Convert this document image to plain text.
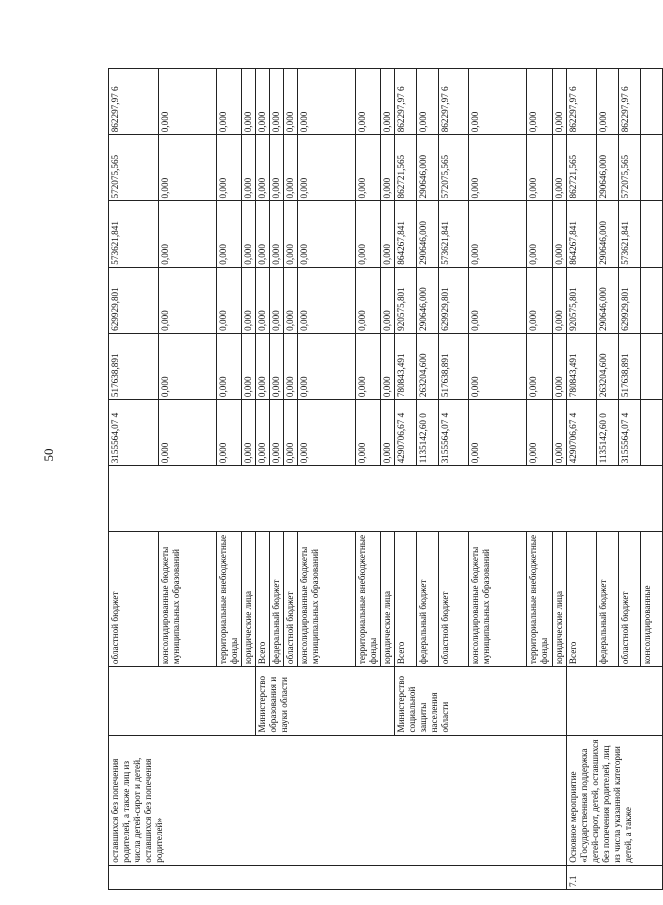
50
	оставшихся без попечения родителей, а также лиц из числа детей-сирот и детей, оставшихся без попечения родителей»		областной бюджет		3155564,07 4	517638,891	629929,801	573621,841	572075,565	862297,97 6
			консолидированные бюджеты муниципальных образований		0,000	0,000	0,000	0,000	0,000	0,000
			территориальные внебюджетные фонды		0,000	0,000	0,000	0,000	0,000	0,000
			юридические лица		0,000	0,000	0,000	0,000	0,000	0,000
		Министерство образования и науки области	Всего		0,000	0,000	0,000	0,000	0,000	0,000
			федеральный бюджет		0,000	0,000	0,000	0,000	0,000	0,000
			областной бюджет		0,000	0,000	0,000	0,000	0,000	0,000
			консолидированные бюджеты муниципальных образований		0,000	0,000	0,000	0,000	0,000	0,000
			территориальные внебюджетные фонды		0,000	0,000	0,000	0,000	0,000	0,000
			юридические лица		0,000	0,000	0,000	0,000	0,000	0,000
		Министерство социальной защиты населения области	Всего		4290706,67 4	780843,491	920575,801	864267,841	862721,565	862297,97 6
			федеральный бюджет		1135142,60 0	263204,600	290646,000	290646,000	290646,000	0,000
			областной бюджет		3155564,07 4	517638,891	629929,801	573621,841	572075,565	862297,97 6
			консолидированные бюджеты муниципальных образований		0,000	0,000	0,000	0,000	0,000	0,000
			территориальные внебюджетные фонды		0,000	0,000	0,000	0,000	0,000	0,000
			юридические лица		0,000	0,000	0,000	0,000	0,000	0,000
7.1	Основное мероприятие «Государственная поддержка детей-сирот, детей, оставшихся без попечения родителей, лиц из числа указанной категории детей, а также		Всего		4290706,67 4	780843,491	920575,801	864267,841	862721,565	862297,97 6
			федеральный бюджет		1135142,60 0	263204,600	290646,000	290646,000	290646,000	0,000
			областной бюджет		3155564,07 4	517638,891	629929,801	573621,841	572075,565	862297,97 6
			консолидированные							
